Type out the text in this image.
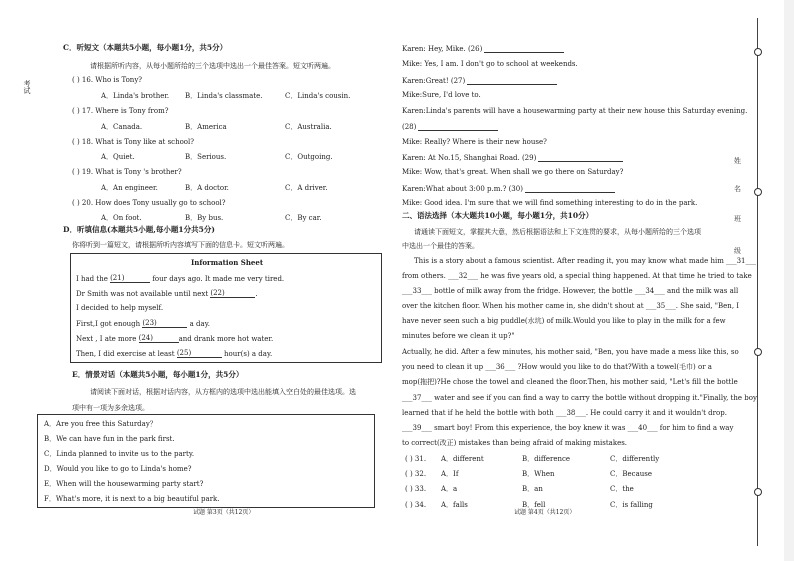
考试
C．听短文（本题共5小题，每小题1分，共5分）
请根据所听内容，从每小题所给的三个选项中选出一个最佳答案。短文听两遍。
( ) 16. Who is Tony?
A．Linda's brother. B．Linda's classmate.	C．Linda's cousin.
( ) 17. Where is Tony from?
A．Canada.	B．America	C．Australia.
( ) 18. What is Tony like at school?
A．Quiet.	B．Serious.	C．Outgoing.
( ) 19. What is Tony 's brother?
A．An engineer.	B．A doctor.	C．A driver.
( ) 20. How does Tony usually go to school?
A．On foot.	B．By bus.	C．By car.
D．听填信息(本题共5小题,每小题1分共5分)
你将听到一篇短文，请根据所听内容填写下面的信息卡。短文听两遍。
Information Sheet
I had the (21)	four days ago. It made me very tired.
Dr Smith was not available until next (22)	.
I decided to help myself.
First,I got enough (23)	a day.
Next , I ate more (24)	and drank more hot water.
Then, I did exercise at least (25)	hour(s) a day.
E．情景对话（本题共5小题，每小题1分，共5分）
请阅读下面对话，根据对话内容，从方框内的选项中选出能填入空白处的最佳选项。选
项中有一项为多余选项。
A．Are you free this Saturday？
B．We can have fun in the park first.
C．Linda planned to invite us to the party.
D．Would you like to go to Linda's home?
E．When will the housewarming party start?
F．What's more, it is next to a big beautiful park.
试题 第3页（共12页）
Karen: Hey, Mike. (26)
Mike: Yes, I am. I don't go to school at weekends.
Karen:Great! (27)
Mike:Sure, I'd love to.
Karen:Linda's parents will have a housewarming party at their new house this Saturday evening.
(28)
Mike: Really? Where is their new house?
Karen: At No.15, Shanghai Road. (29)
Mike: Wow, that's great. When shall we go there on Saturday?
Karen:What about 3:00 p.m.? (30)
Mike: Good idea. I'm sure that we will find something interesting to do in the park.
二、语法选择（本大题共10小题，每小题1分，共10分）
请通读下面短文，掌握其大意，然后根据语法和上下文连贯的要求，从每小题所给的三个选项
中选出一个最佳的答案。
This is a story about a famous scientist. After reading it, you may know what made him ___31___
from others. ___32___ he was five years old, a special thing happened. At that time he tried to take
___33___ bottle of milk away from the fridge. However, the bottle ___34___ and the milk was all
over the kitchen floor. When his mother came in, she didn't shout at ___35___. She said, "Ben, I
have never seen such a big puddle(水坑) of milk.Would you like to play in the milk for a few
minutes before we clean it up?"
Actually, he did. After a few minutes, his mother said, "Ben, you have made a mess like this, so
you need to clean it up ___36___ ?How would you like to do that?With a towel(毛巾) or a
mop(拖把)?He chose the towel and cleaned the floor.Then, his mother said, "Let's fill the bottle
___37___ water and see if you can find a way to carry the bottle without dropping it."Finally, the boy
learned that if he held the bottle with both ___38___. He could carry it and it wouldn't drop.
___39___ smart boy! From this experience, the boy knew it was ___40___ for him to find a way
to correct(改正) mistakes than being afraid of making mistakes.
( ) 31. A．different	B．difference	C．differently
( ) 32. A．If	B．When	C．Because
( ) 33. A．a	B．an	C．the
( ) 34. A．falls	B．fell	C．is falling
试题 第4页（共12页）
姓
名
班
级
